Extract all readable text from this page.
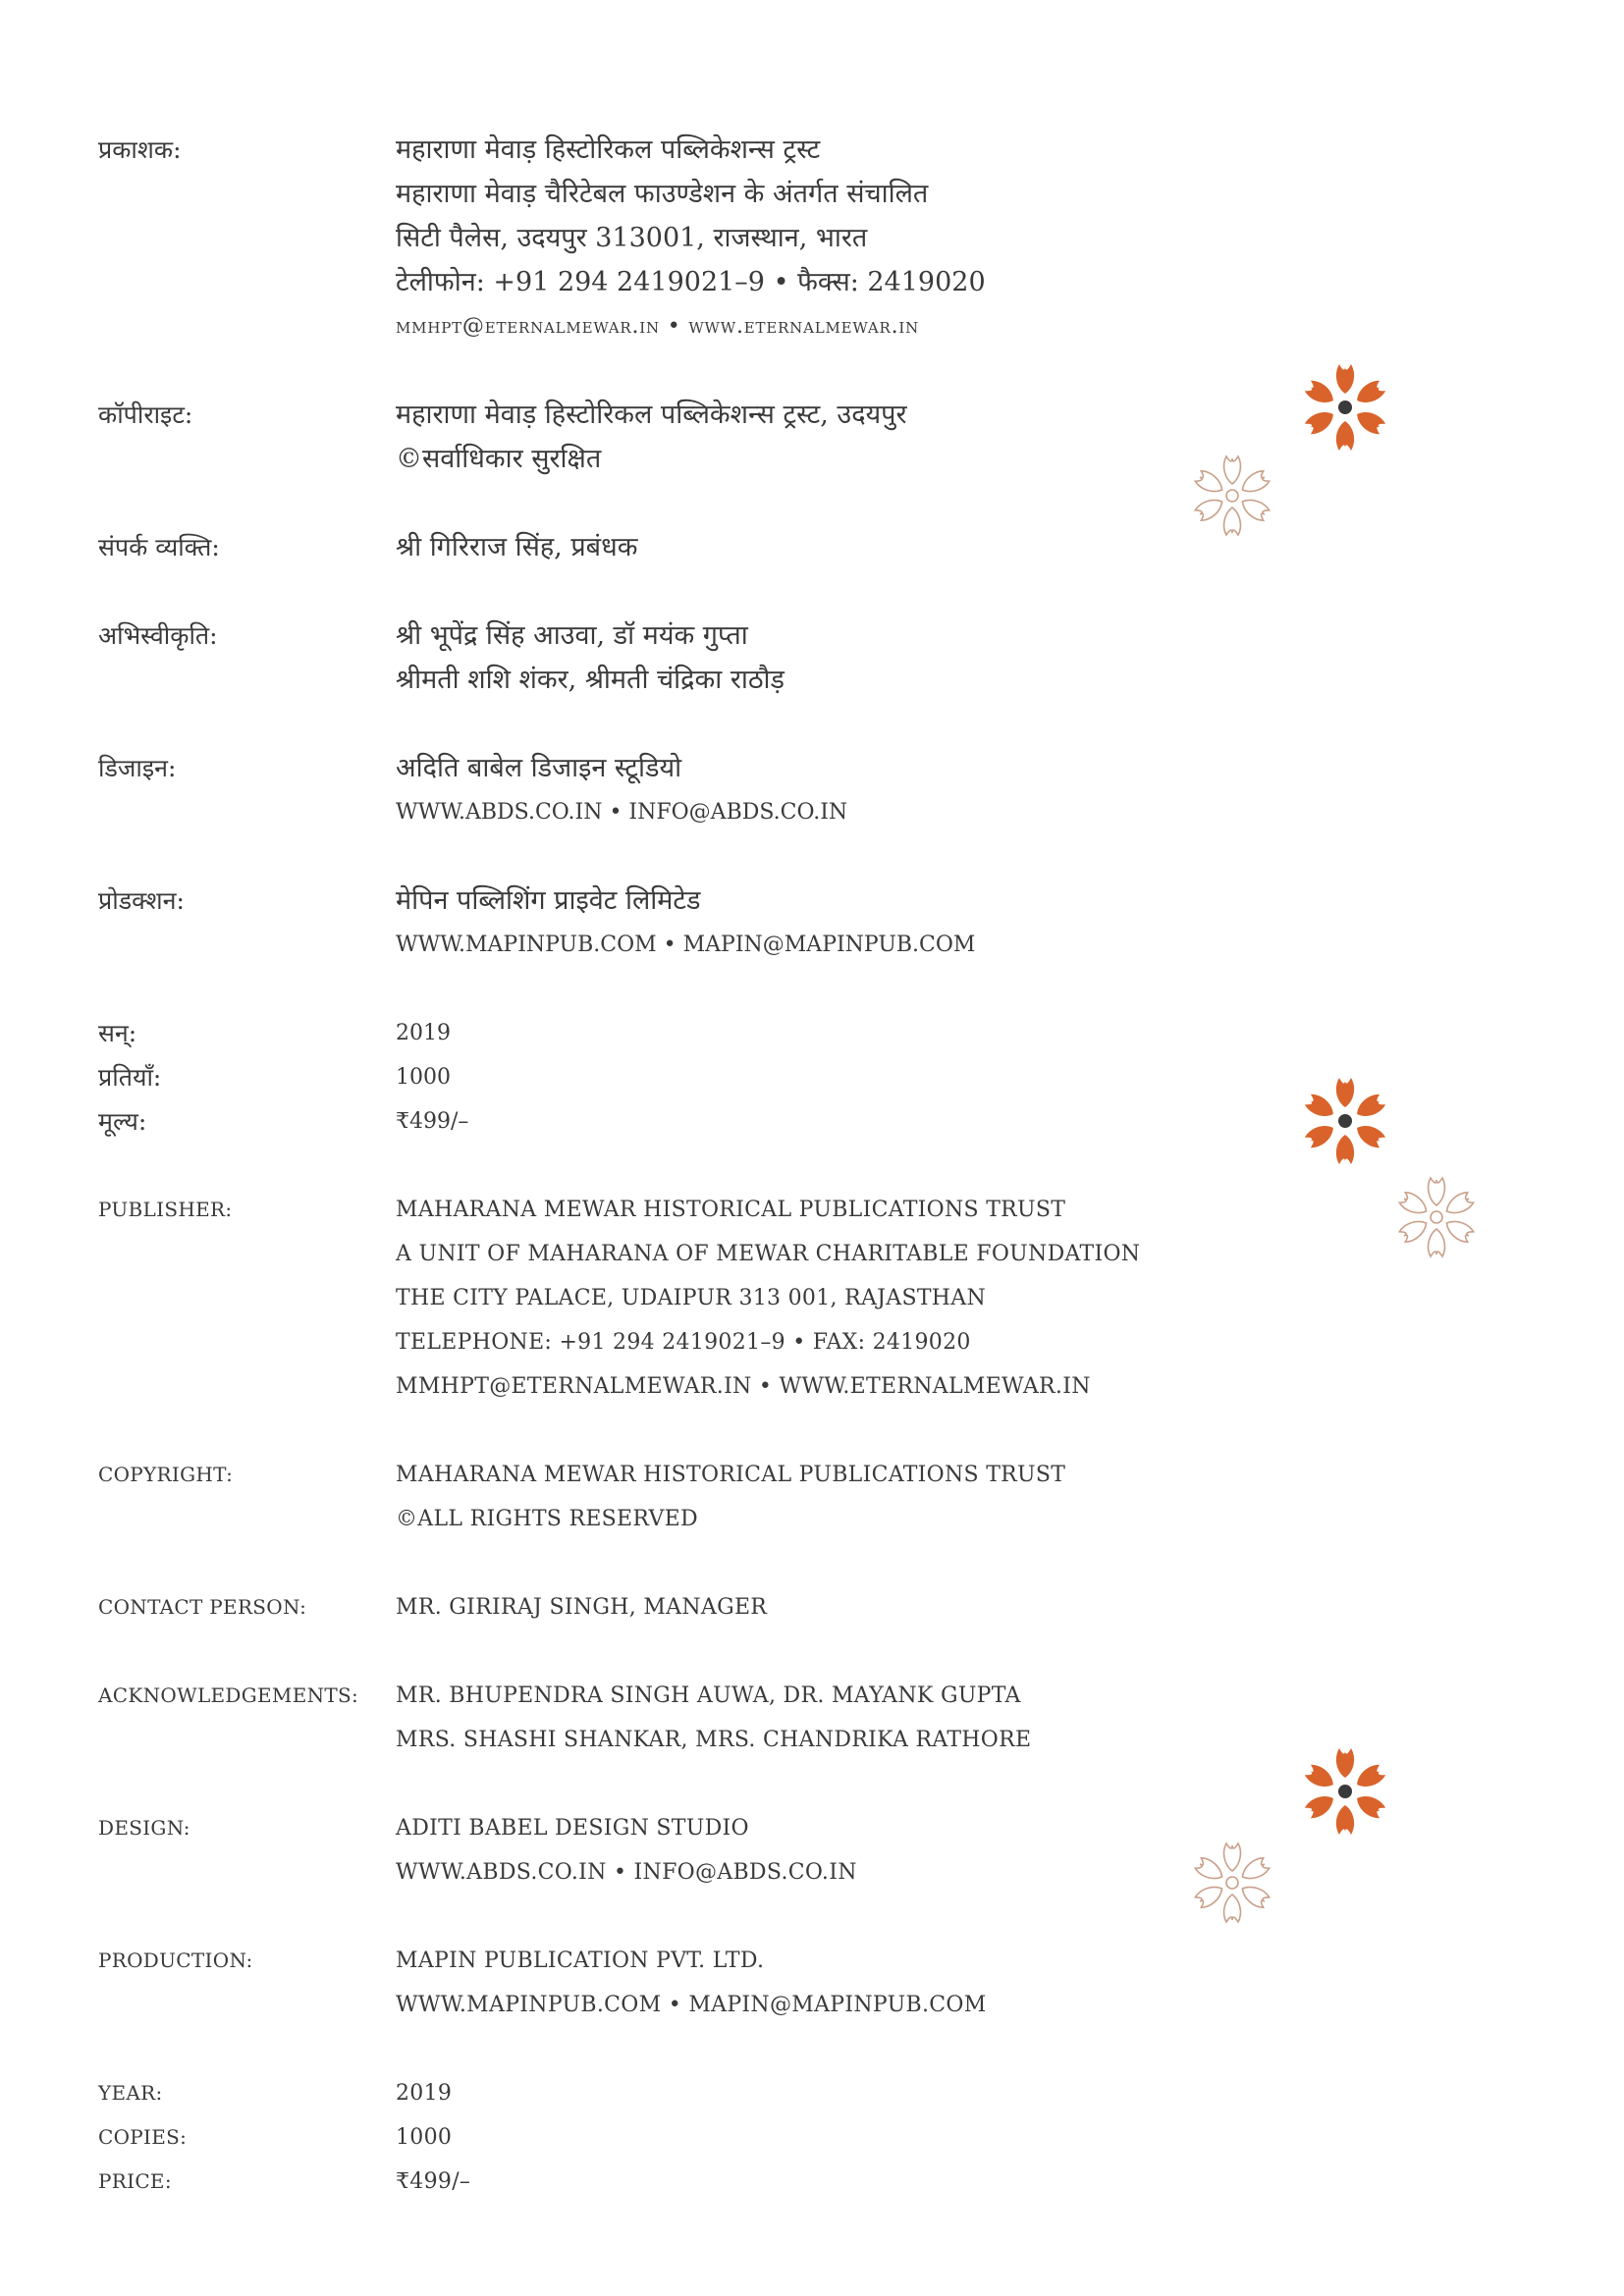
प्रकाशक:	महाराणा मेवाड़ हिस्टोरिकल पब्लिकेशन्स ट्रस्ट
महाराणा मेवाड़ चैरिटेबल फाउण्डेशन के अंतर्गत संचालित
सिटी पैलेस, उदयपुर 313001, राजस्थान, भारत
टेलीफोन: +91 294 2419021–9 • फैक्स: 2419020
mmhpt@eternalmewar.in • www.eternalmewar.in
कॉपीराइट:	महाराणा मेवाड़ हिस्टोरिकल पब्लिकेशन्स ट्रस्ट, उदयपुर
©सर्वाधिकार सुरक्षित
संपर्क व्यक्ति:	श्री गिरिराज सिंह, प्रबंधक
अभिस्वीकृति:	श्री भूपेंद्र सिंह आउवा, डॉ मयंक गुप्ता
श्रीमती शशि शंकर, श्रीमती चंद्रिका राठौड़
डिजाइन:	अदिति बाबेल डिजाइन स्टूडियो
WWW.ABDS.CO.IN • INFO@ABDS.CO.IN
प्रोडक्शन:	मेपिन पब्लिशिंग प्राइवेट लिमिटेड
WWW.MAPINPUB.COM • MAPIN@MAPINPUB.COM
सन्:	2019
प्रतियाँ:	1000
मूल्य:	₹499/–
PUBLISHER:	MAHARANA MEWAR HISTORICAL PUBLICATIONS TRUST
A UNIT OF MAHARANA OF MEWAR CHARITABLE FOUNDATION
THE CITY PALACE, UDAIPUR 313 001, RAJASTHAN
TELEPHONE: +91 294 2419021–9 • FAX: 2419020
MMHPT@ETERNALMEWAR.IN • WWW.ETERNALMEWAR.IN
COPYRIGHT:	MAHARANA MEWAR HISTORICAL PUBLICATIONS TRUST
©ALL RIGHTS RESERVED
CONTACT PERSON:	MR. GIRIRAJ SINGH, MANAGER
ACKNOWLEDGEMENTS: MR. BHUPENDRA SINGH AUWA, DR. MAYANK GUPTA
MRS. SHASHI SHANKAR, MRS. CHANDRIKA RATHORE
DESIGN:	ADITI BABEL DESIGN STUDIO
WWW.ABDS.CO.IN • INFO@ABDS.CO.IN
PRODUCTION:	MAPIN PUBLICATION PVT. LTD.
WWW.MAPINPUB.COM • MAPIN@MAPINPUB.COM
YEAR:	2019
COPIES:	1000
PRICE:	₹499/–
